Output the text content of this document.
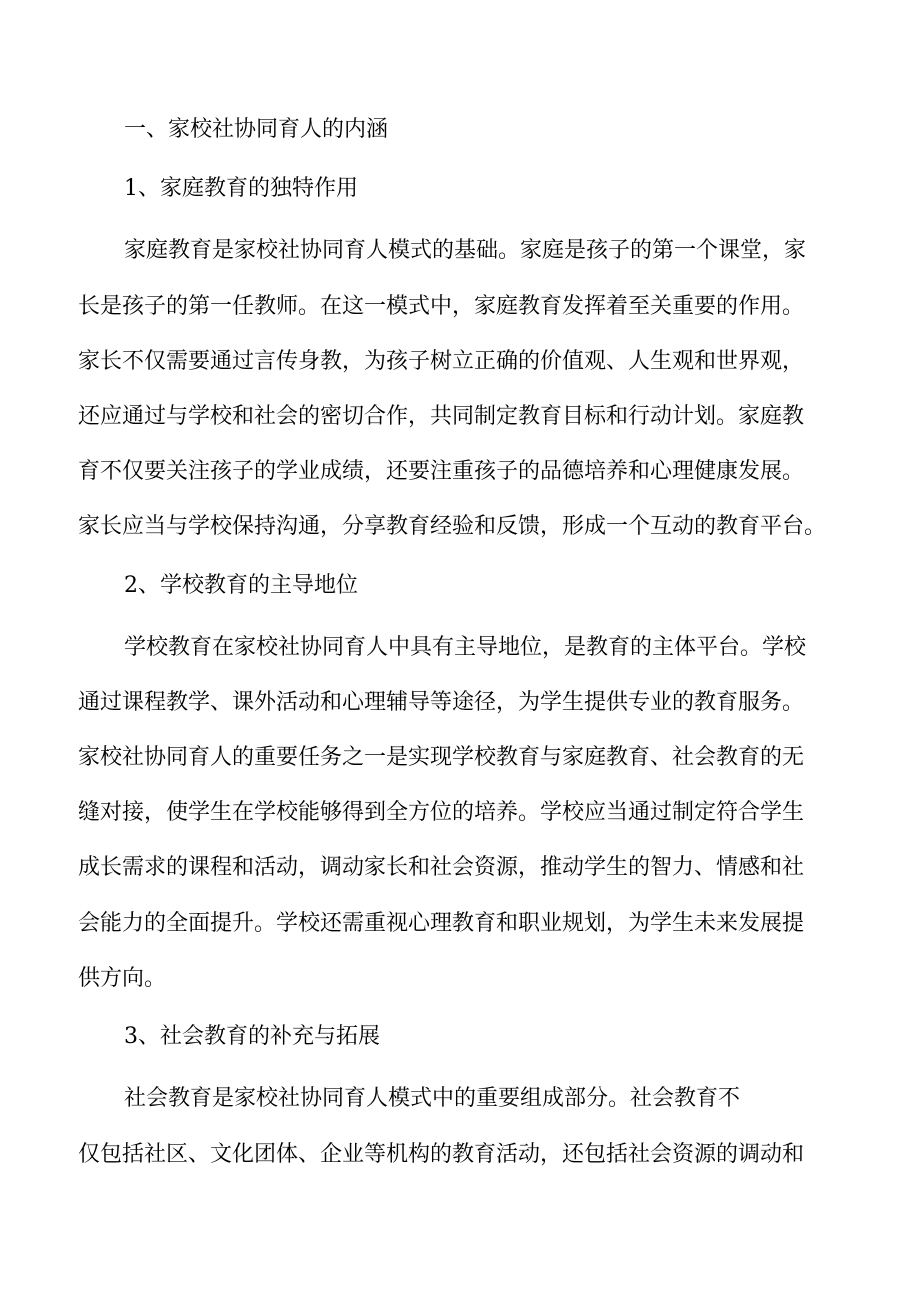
一、家校社协同育人的内涵
1、家庭教育的独特作用
家庭教育是家校社协同育人模式的基础。家庭是孩子的第一个课堂，家
长是孩子的第一任教师。在这一模式中，家庭教育发挥着至关重要的作用。
家长不仅需要通过言传身教，为孩子树立正确的价值观、人生观和世界观，
还应通过与学校和社会的密切合作，共同制定教育目标和行动计划。家庭教
育不仅要关注孩子的学业成绩，还要注重孩子的品德培养和心理健康发展。
家长应当与学校保持沟通，分享教育经验和反馈，形成一个互动的教育平台。
2、学校教育的主导地位
学校教育在家校社协同育人中具有主导地位，是教育的主体平台。学校
通过课程教学、课外活动和心理辅导等途径，为学生提供专业的教育服务。
家校社协同育人的重要任务之一是实现学校教育与家庭教育、社会教育的无
缝对接，使学生在学校能够得到全方位的培养。学校应当通过制定符合学生
成长需求的课程和活动，调动家长和社会资源，推动学生的智力、情感和社
会能力的全面提升。学校还需重视心理教育和职业规划，为学生未来发展提
供方向。
3、社会教育的补充与拓展
社会教育是家校社协同育人模式中的重要组成部分。社会教育不
仅包括社区、文化团体、企业等机构的教育活动，还包括社会资源的调动和
